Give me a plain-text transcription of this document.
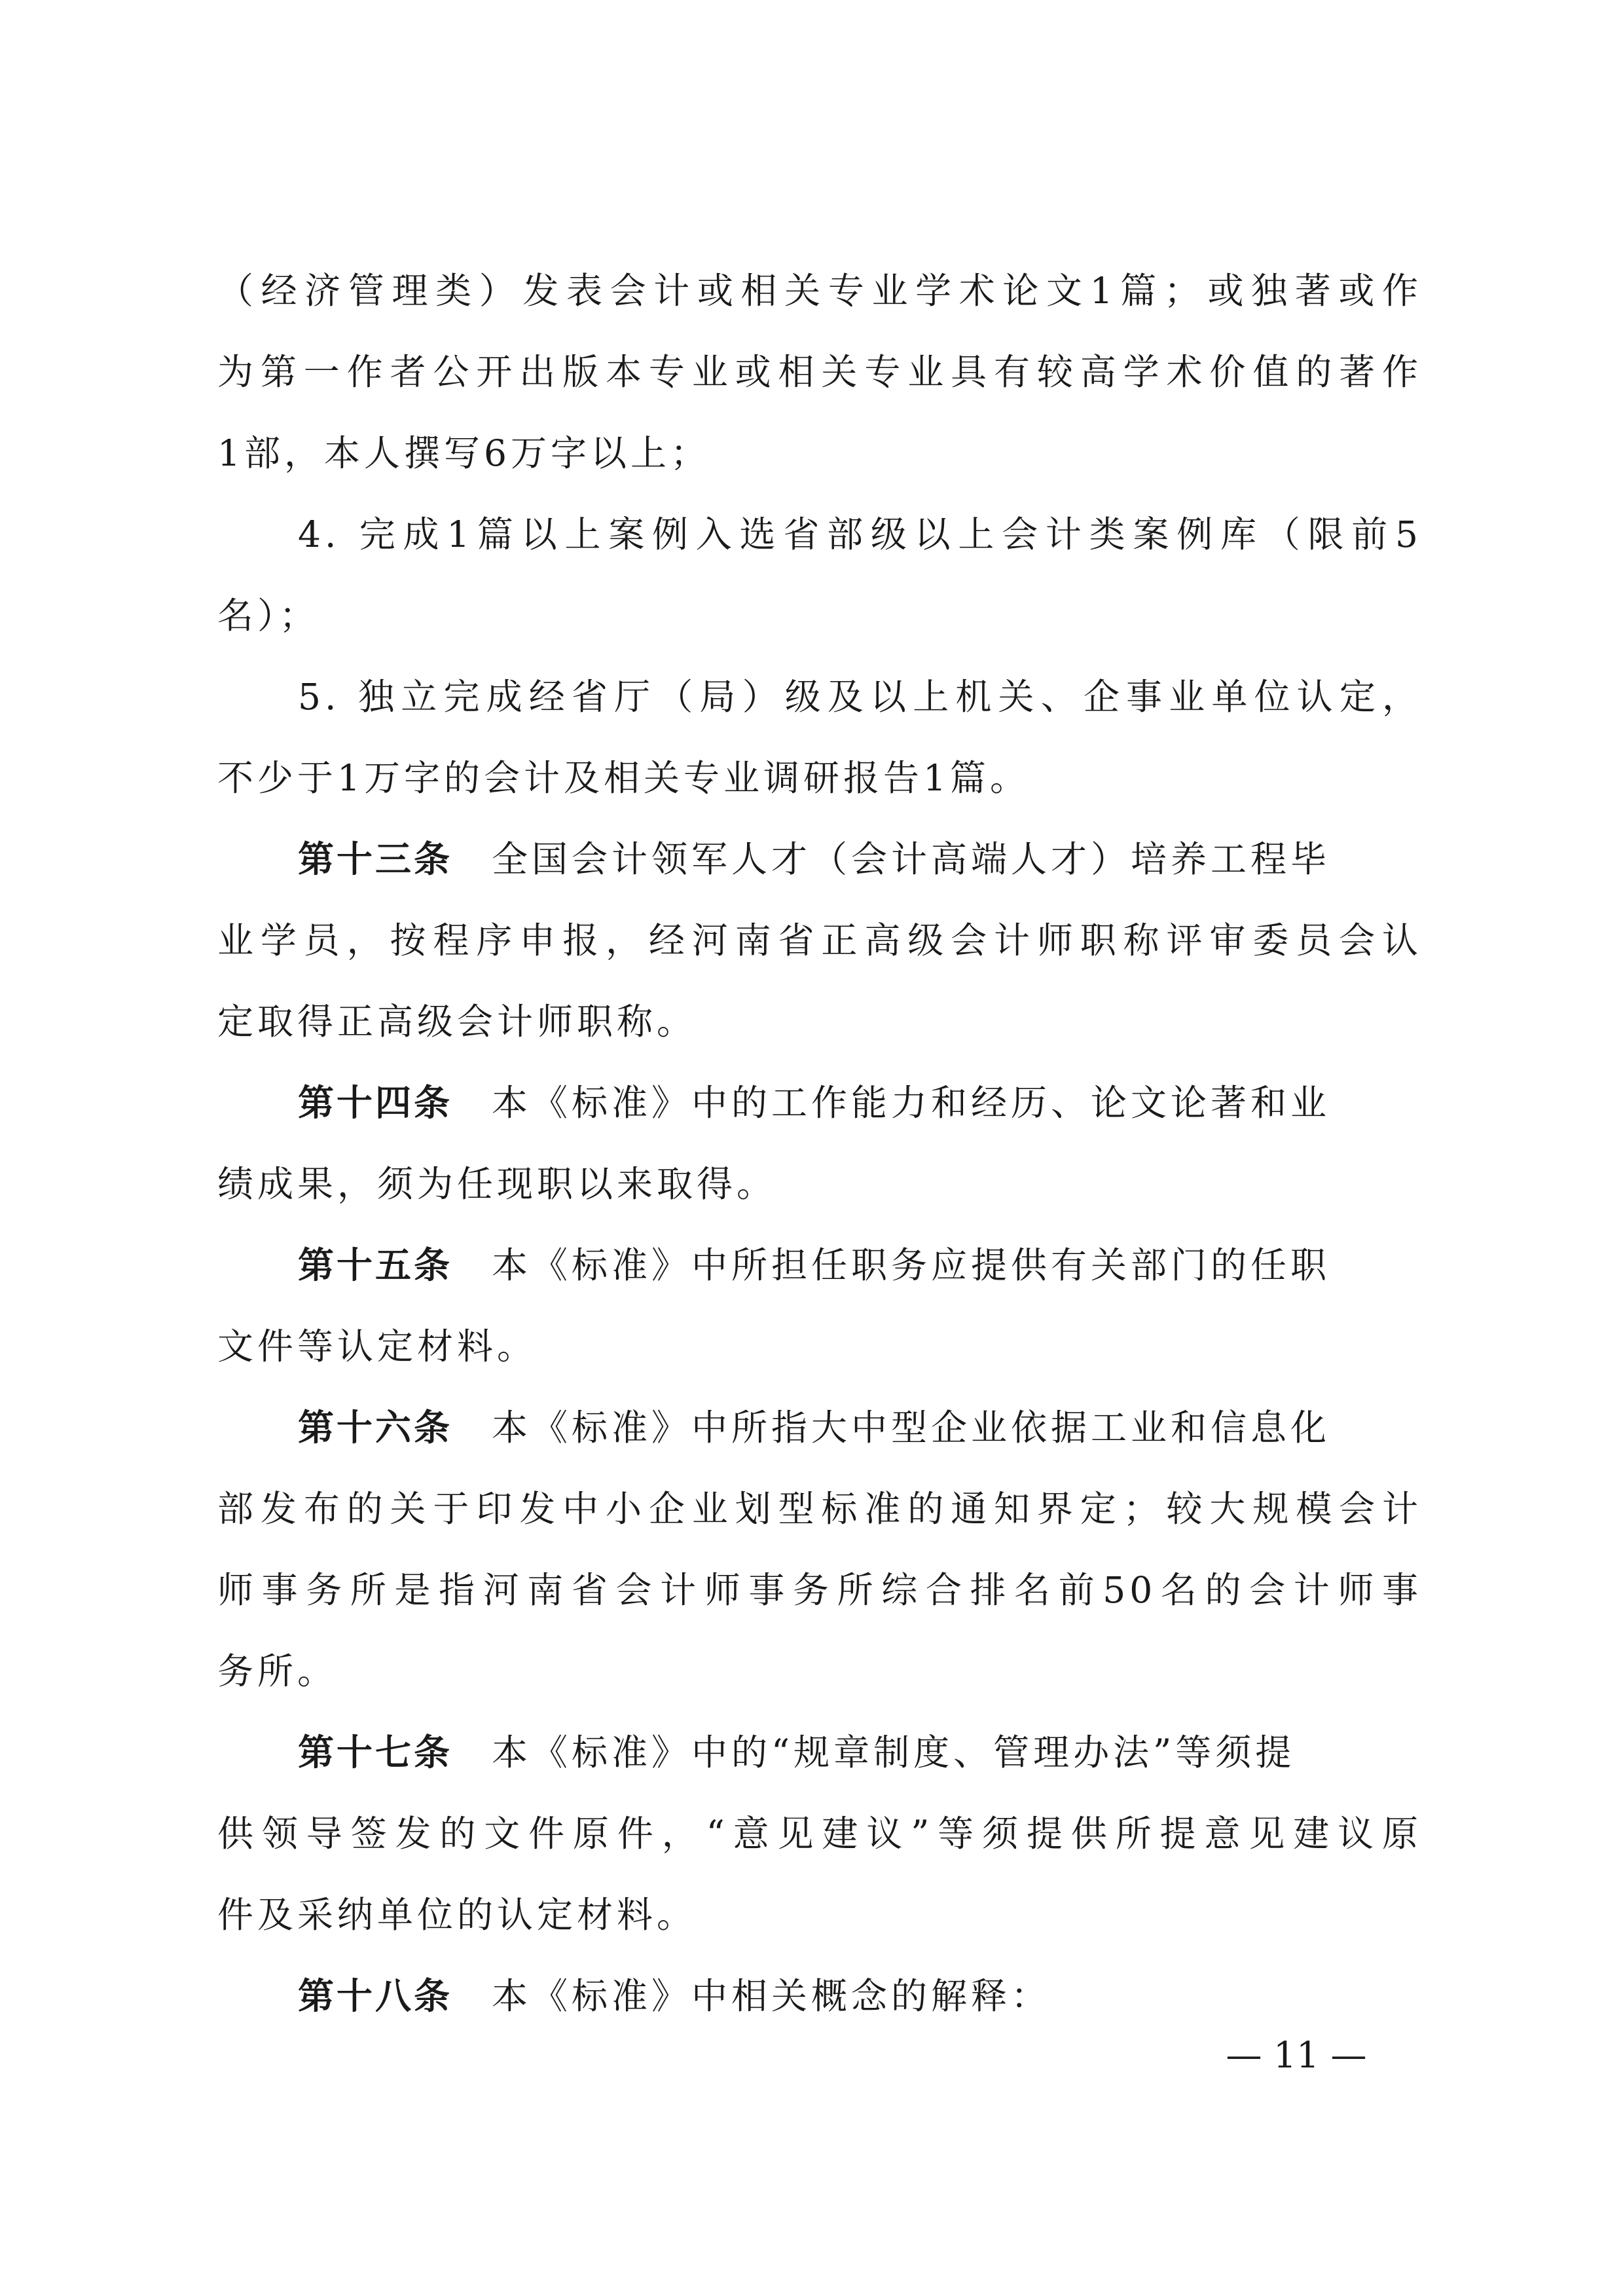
（经济管理类）发表会计或相关专业学术论文1篇；或独著或作
为第一作者公开出版本专业或相关专业具有较高学术价值的著作
1部，本人撰写6万字以上；
4. 完成1篇以上案例入选省部级以上会计类案例库（限前5
名）；
5. 独立完成经省厅（局）级及以上机关、企事业单位认定，
不少于1万字的会计及相关专业调研报告1篇。
第十三条 全国会计领军人才（会计高端人才）培养工程毕
业学员，按程序申报，经河南省正高级会计师职称评审委员会认
定取得正高级会计师职称。
第十四条 本《标准》中的工作能力和经历、论文论著和业
绩成果，须为任现职以来取得。
第十五条 本《标准》中所担任职务应提供有关部门的任职
文件等认定材料。
第十六条 本《标准》中所指大中型企业依据工业和信息化
部发布的关于印发中小企业划型标准的通知界定；较大规模会计
师事务所是指河南省会计师事务所综合排名前50名的会计师事
务所。
第十七条 本《标准》中的“规章制度、管理办法”等须提
供领导签发的文件原件，“意见建议”等须提供所提意见建议原
件及采纳单位的认定材料。
第十八条 本《标准》中相关概念的解释：
— 11 —
